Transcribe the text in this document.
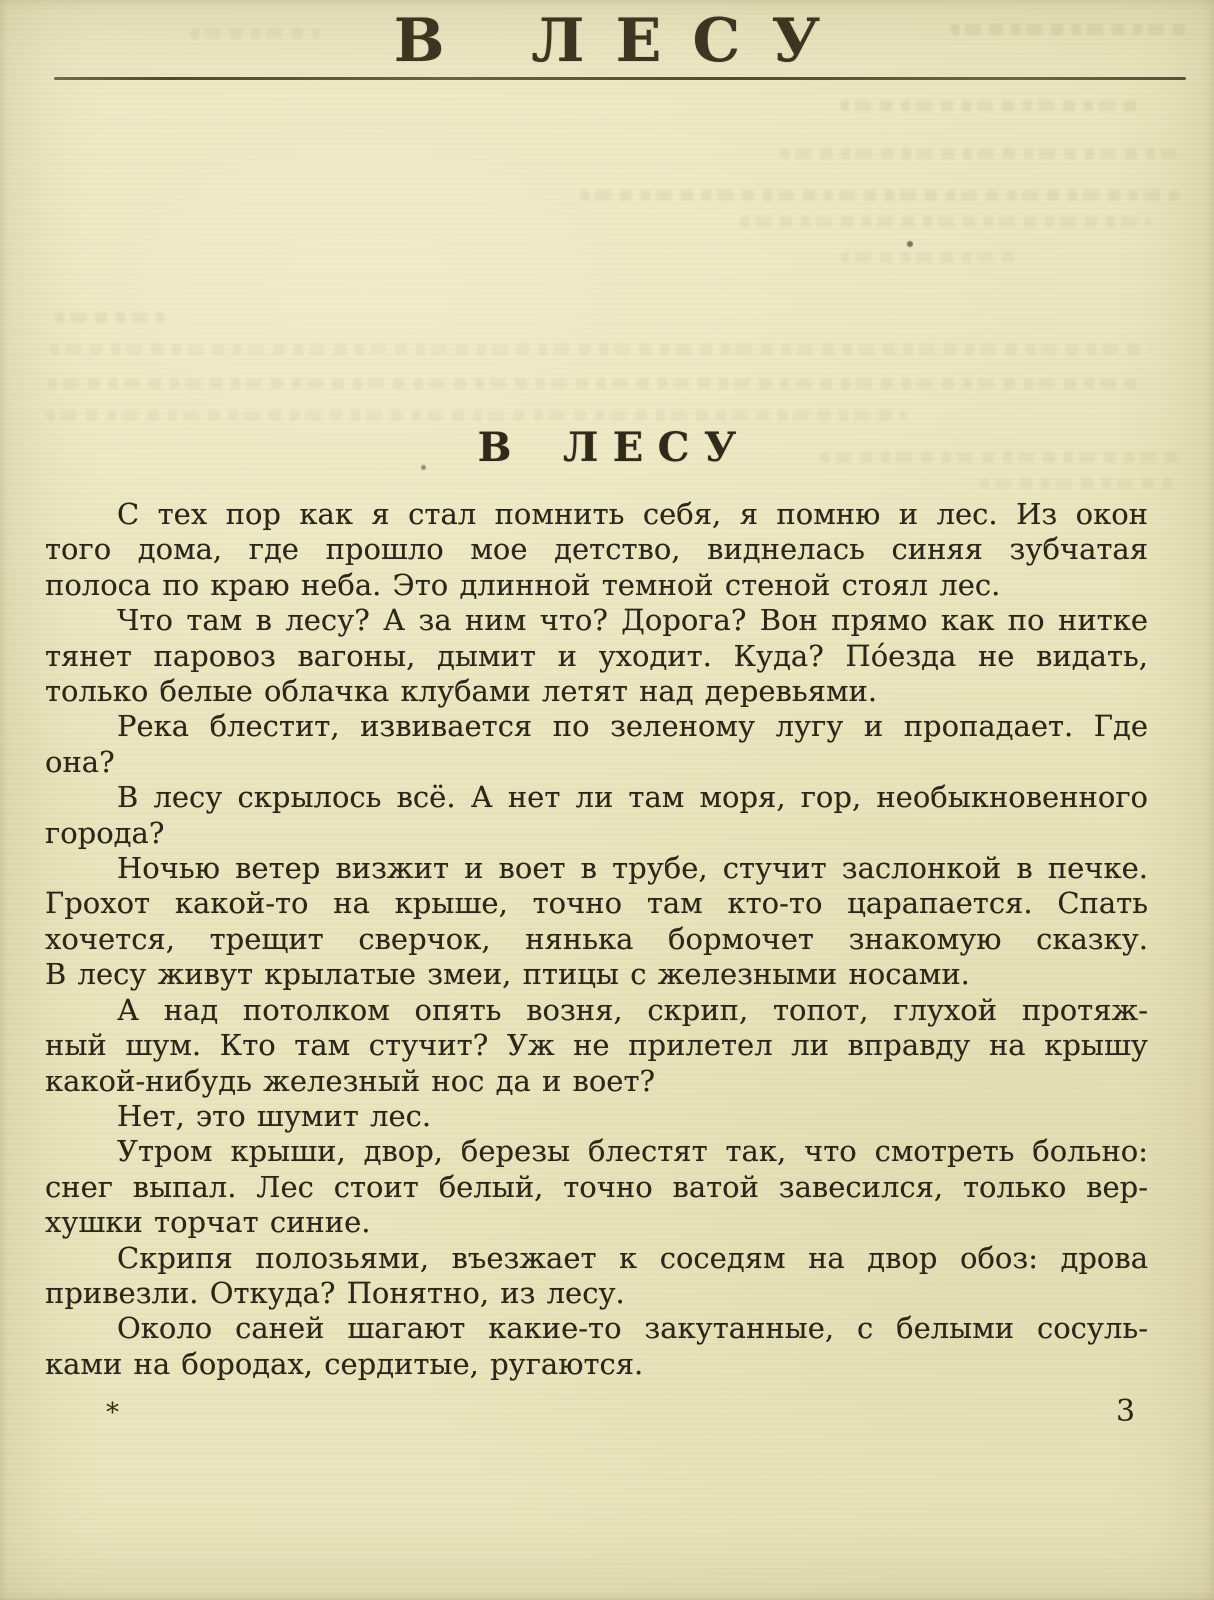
В ЛЕСУ
В ЛЕСУ
С тех пор как я стал помнить себя, я помню и лес. Из окон
того дома, где прошло мое детство, виднелась синяя зубчатая
полоса по краю неба. Это длинной темной стеной стоял лес.
Что там в лесу? А за ним что? Дорога? Вон прямо как по нитке
тянет паровоз вагоны, дымит и уходит. Куда? По́езда не видать,
только белые облачка клубами летят над деревьями.
Река блестит, извивается по зеленому лугу и пропадает. Где
она?
В лесу скрылось всё. А нет ли там моря, гор, необыкновенного
города?
Ночью ветер визжит и воет в трубе, стучит заслонкой в печке.
Грохот какой-то на крыше, точно там кто-то царапается. Спать
хочется, трещит сверчок, нянька бормочет знакомую сказку.
В лесу живут крылатые змеи, птицы с железными носами.
А над потолком опять возня, скрип, топот, глухой протяж-
ный шум. Кто там стучит? Уж не прилетел ли вправду на крышу
какой-нибудь железный нос да и воет?
Нет, это шумит лес.
Утром крыши, двор, березы блестят так, что смотреть больно:
снег выпал. Лес стоит белый, точно ватой завесился, только вер-
хушки торчат синие.
Скрипя полозьями, въезжает к соседям на двор обоз: дрова
привезли. Откуда? Понятно, из лесу.
Около саней шагают какие-то закутанные, с белыми сосуль-
ками на бородах, сердитые, ругаются.
*	3
